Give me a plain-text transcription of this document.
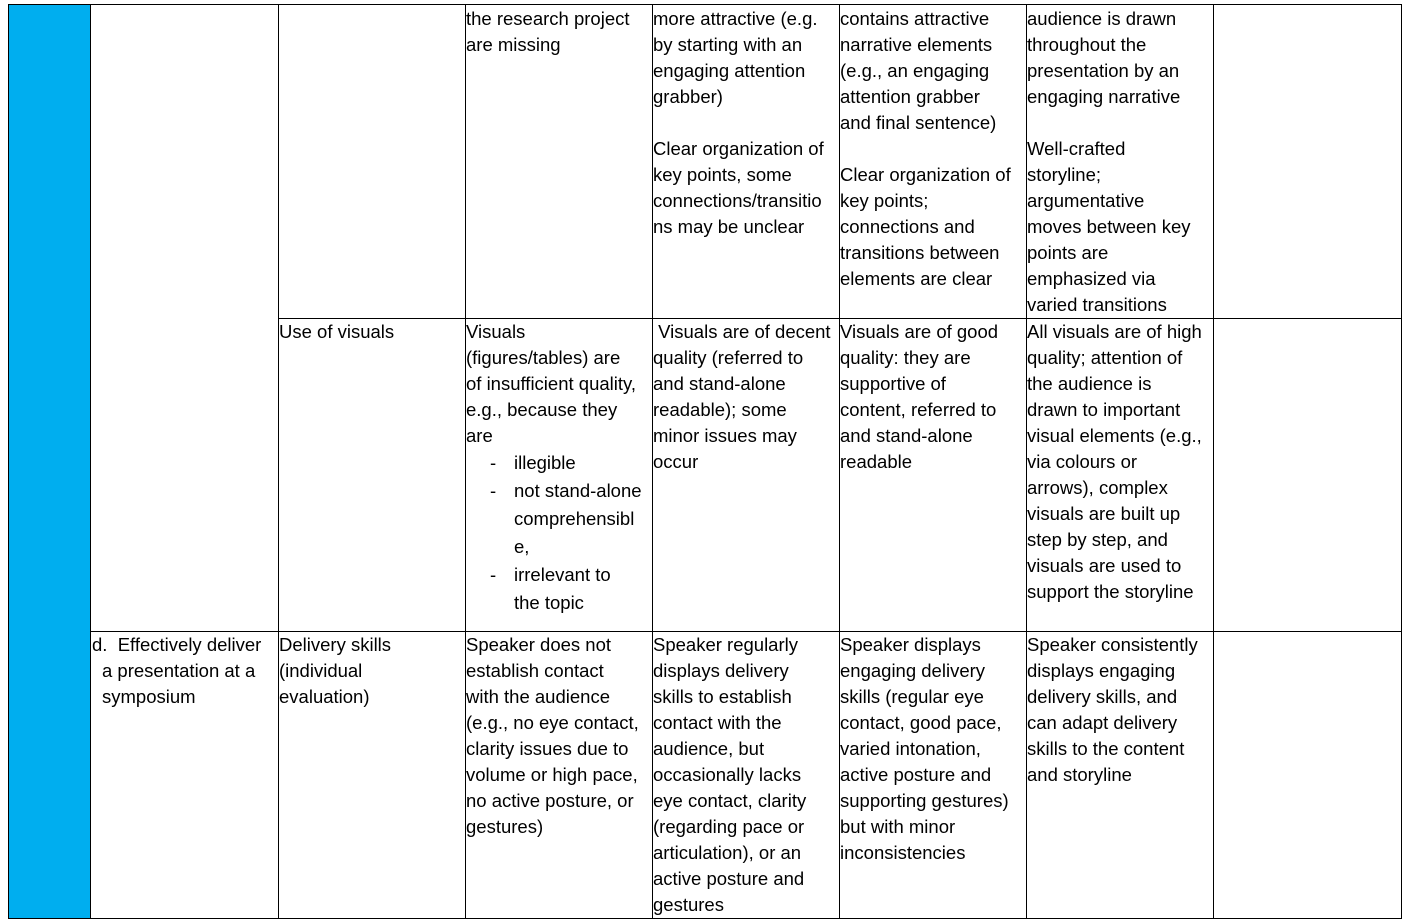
the research project

are missing

more attractive (e.g.

by starting with an

engaging attention

grabber)

Clear organization of

key points, some

connections/transitio

ns may be unclear

contains attractive

narrative elements

(e.g., an engaging

attention grabber

and final sentence)

Clear organization of

key points;

connections and

transitions between

elements are clear

audience is drawn

throughout the

presentation by an

engaging narrative

Well-crafted

storyline;

argumentative

moves between key

points are

emphasized via

varied transitions

Use of visuals	Visuals

(figures/tables) are

of insufficient quality,

e.g., because they

are

- illegible

- not stand-alone

comprehensibl

e,

- irrelevant to

the topic

Visuals are of decent

quality (referred to

and stand-alone

readable); some

minor issues may

occur

Visuals are of good

quality: they are

supportive of

content, referred to

and stand-alone

readable

All visuals are of high

quality; attention of

the audience is

drawn to important

visual elements (e.g.,

via colours or

arrows), complex

visuals are built up

step by step, and

visuals are used to

support the storyline

d.  Effectively deliver

a presentation at a

symposium

Delivery skills

(individual

evaluation)

Speaker does not

establish contact

with the audience

(e.g., no eye contact,

clarity issues due to

volume or high pace,

no active posture, or

gestures)

Speaker regularly

displays delivery

skills to establish

contact with the

audience, but

occasionally lacks

eye contact, clarity

(regarding pace or

articulation), or an

active posture and

gestures

Speaker displays

engaging delivery

skills (regular eye

contact, good pace,

varied intonation,

active posture and

supporting gestures)

but with minor

inconsistencies

Speaker consistently

displays engaging

delivery skills, and

can adapt delivery

skills to the content

and storyline
